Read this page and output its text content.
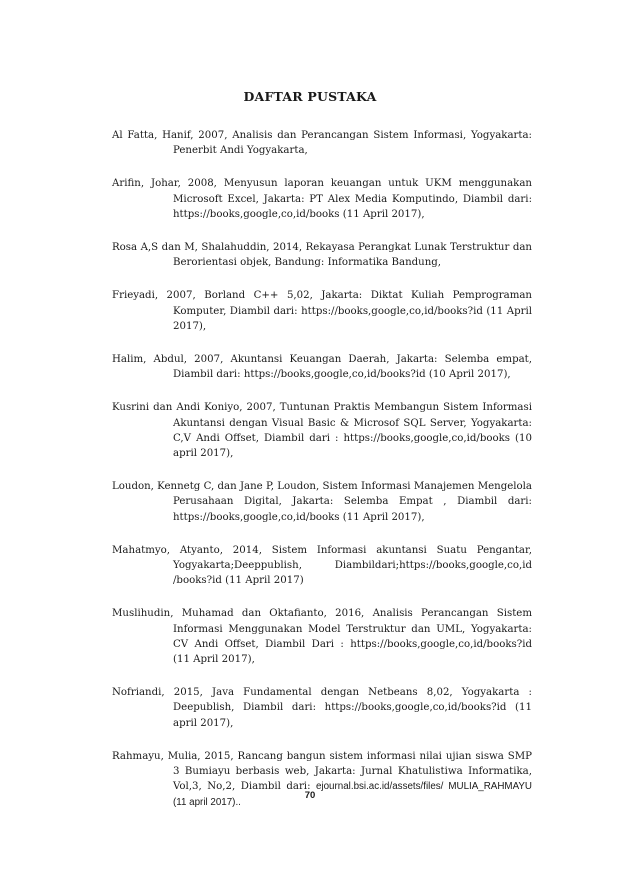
DAFTAR PUSTAKA

Al Fatta, Hanif, 2007, Analisis dan Perancangan Sistem Informasi, Yogyakarta: Penerbit Andi Yogyakarta,

Arifin, Johar, 2008, Menyusun laporan keuangan untuk UKM menggunakan Microsoft Excel, Jakarta: PT Alex Media Komputindo, Diambil dari: https://books,google,co,id/books (11 April 2017),

Rosa A,S dan M, Shalahuddin, 2014, Rekayasa Perangkat Lunak Terstruktur dan Berorientasi objek, Bandung: Informatika Bandung,

Frieyadi, 2007, Borland C++ 5,02, Jakarta: Diktat Kuliah Pemprograman Komputer, Diambil dari: https://books,google,co,id/books?id (11 April 2017),

Halim, Abdul, 2007, Akuntansi Keuangan Daerah, Jakarta: Selemba empat, Diambil dari: https://books,google,co,id/books?id (10 April 2017),

Kusrini dan Andi Koniyo, 2007, Tuntunan Praktis Membangun Sistem Informasi Akuntansi dengan Visual Basic & Microsof SQL Server, Yogyakarta: C,V Andi Offset, Diambil dari : https://books,google,co,id/books (10 april 2017),

Loudon, Kennetg C, dan Jane P, Loudon, Sistem Informasi Manajemen Mengelola Perusahaan Digital, Jakarta: Selemba Empat , Diambil dari: https://books,google,co,id/books (11 April 2017),

Mahatmyo, Atyanto, 2014, Sistem Informasi akuntansi Suatu Pengantar, Yogyakarta;Deeppublish, Diambildari;https://books,google,co,id /books?id (11 April 2017)

Muslihudin, Muhamad dan Oktafianto, 2016, Analisis Perancangan Sistem Informasi Menggunakan Model Terstruktur dan UML, Yogyakarta: CV Andi Offset, Diambil Dari : https://books,google,co,id/books?id (11 April 2017),

Nofriandi, 2015, Java Fundamental dengan Netbeans 8,02, Yogyakarta : Deepublish, Diambil dari: https://books,google,co,id/books?id (11 april 2017),

Rahmayu, Mulia, 2015, Rancang bangun sistem informasi nilai ujian siswa SMP 3 Bumiayu berbasis web, Jakarta: Jurnal Khatulistiwa Informatika, Vol,3, No,2, Diambil dari: ejournal.bsi.ac.id/assets/files/ MULIA_RAHMAYU (11 april 2017)..

70
